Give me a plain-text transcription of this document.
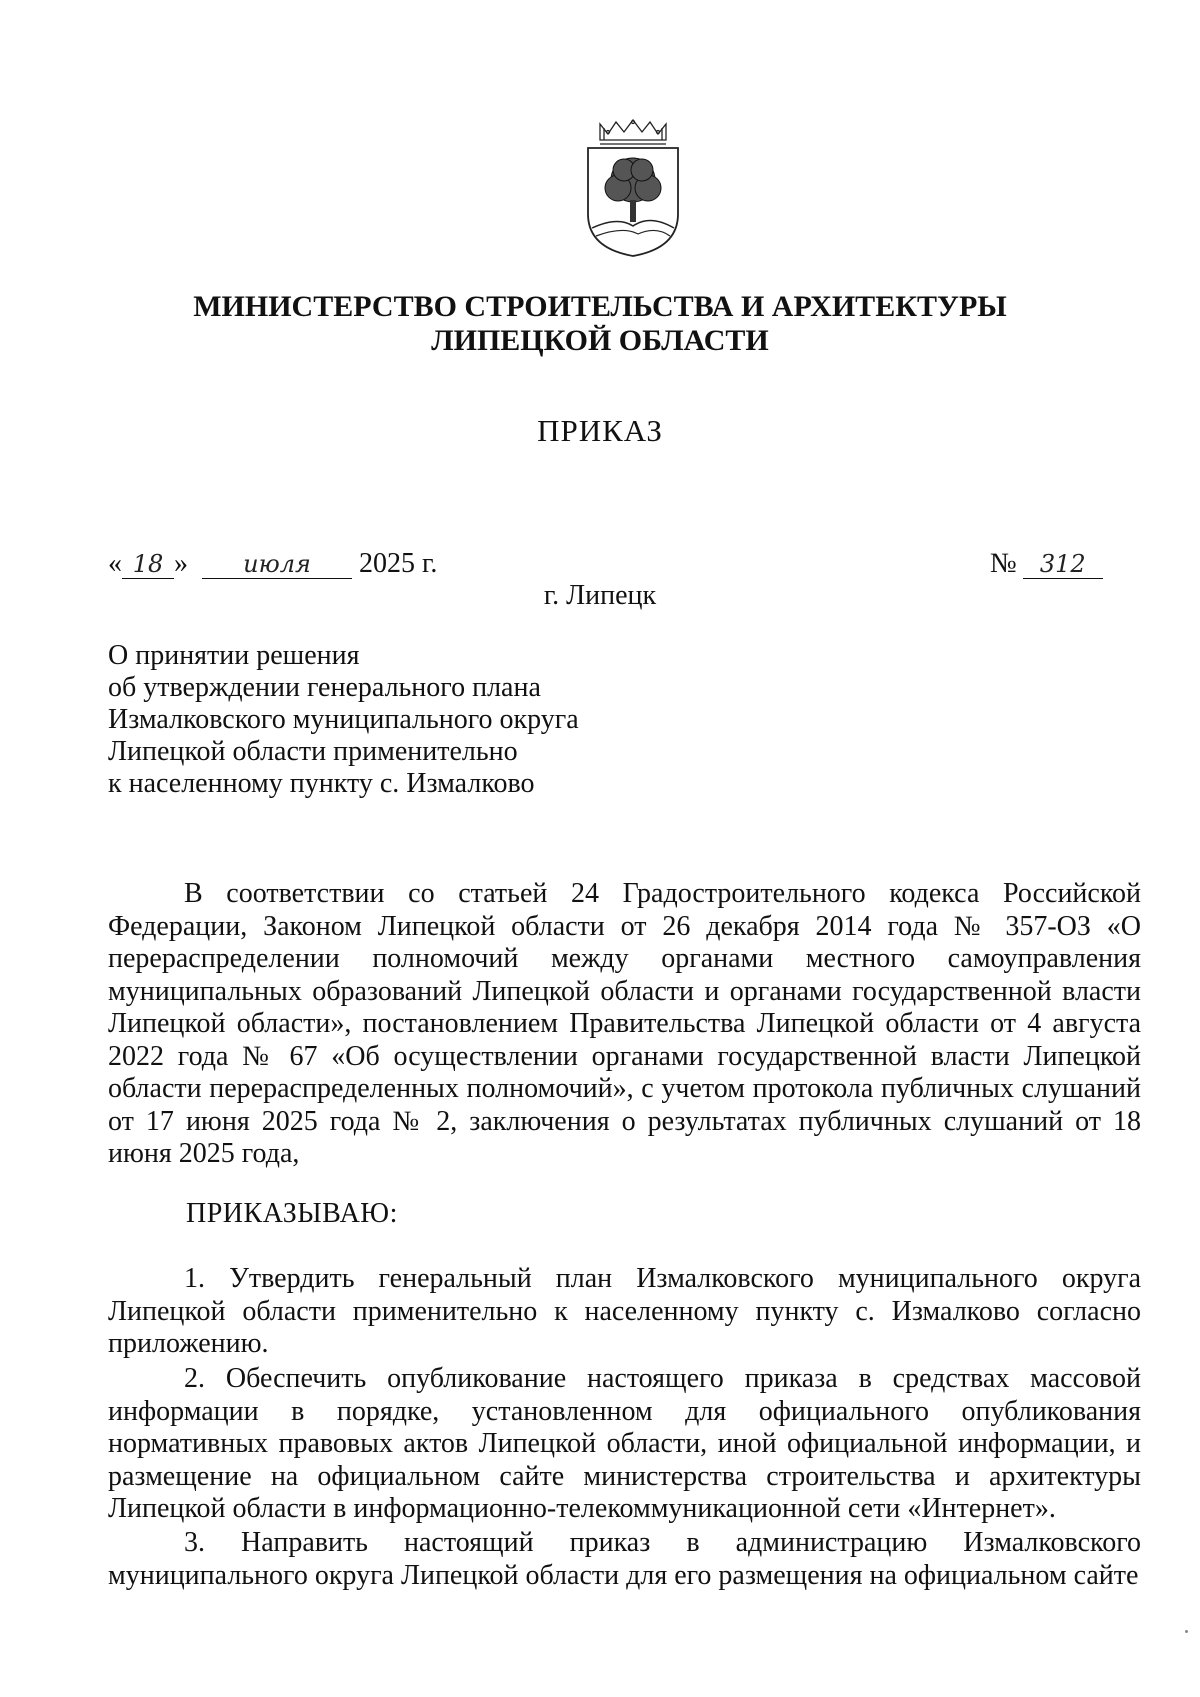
МИНИСТЕРСТВО СТРОИТЕЛЬСТВА И АРХИТЕКТУРЫ
ЛИПЕЦКОЙ ОБЛАСТИ
ПРИКАЗ
« 18 » июля 2025 г.	№ 312
г. Липецк
О принятии решения
об утверждении генерального плана
Измалковского муниципального округа
Липецкой области применительно
к населенному пункту с. Измалково
В соответствии со статьей 24 Градостроительного кодекса Российской Федерации, Законом Липецкой области от 26 декабря 2014 года № 357-ОЗ «О перераспределении полномочий между органами местного самоуправления муниципальных образований Липецкой области и органами государственной власти Липецкой области», постановлением Правительства Липецкой области от 4 августа 2022 года № 67 «Об осуществлении органами государственной власти Липецкой области перераспределенных полномочий», с учетом протокола публичных слушаний от 17 июня 2025 года № 2, заключения о результатах публичных слушаний от 18 июня 2025 года,
ПРИКАЗЫВАЮ:
1. Утвердить генеральный план Измалковского муниципального округа Липецкой области применительно к населенному пункту с. Измалково согласно приложению.
2. Обеспечить опубликование настоящего приказа в средствах массовой информации в порядке, установленном для официального опубликования нормативных правовых актов Липецкой области, иной официальной информации, и размещение на официальном сайте министерства строительства и архитектуры Липецкой области в информационно-телекоммуникационной сети «Интернет».
3. Направить настоящий приказ в администрацию Измалковского муниципального округа Липецкой области для его размещения на официальном сайте
